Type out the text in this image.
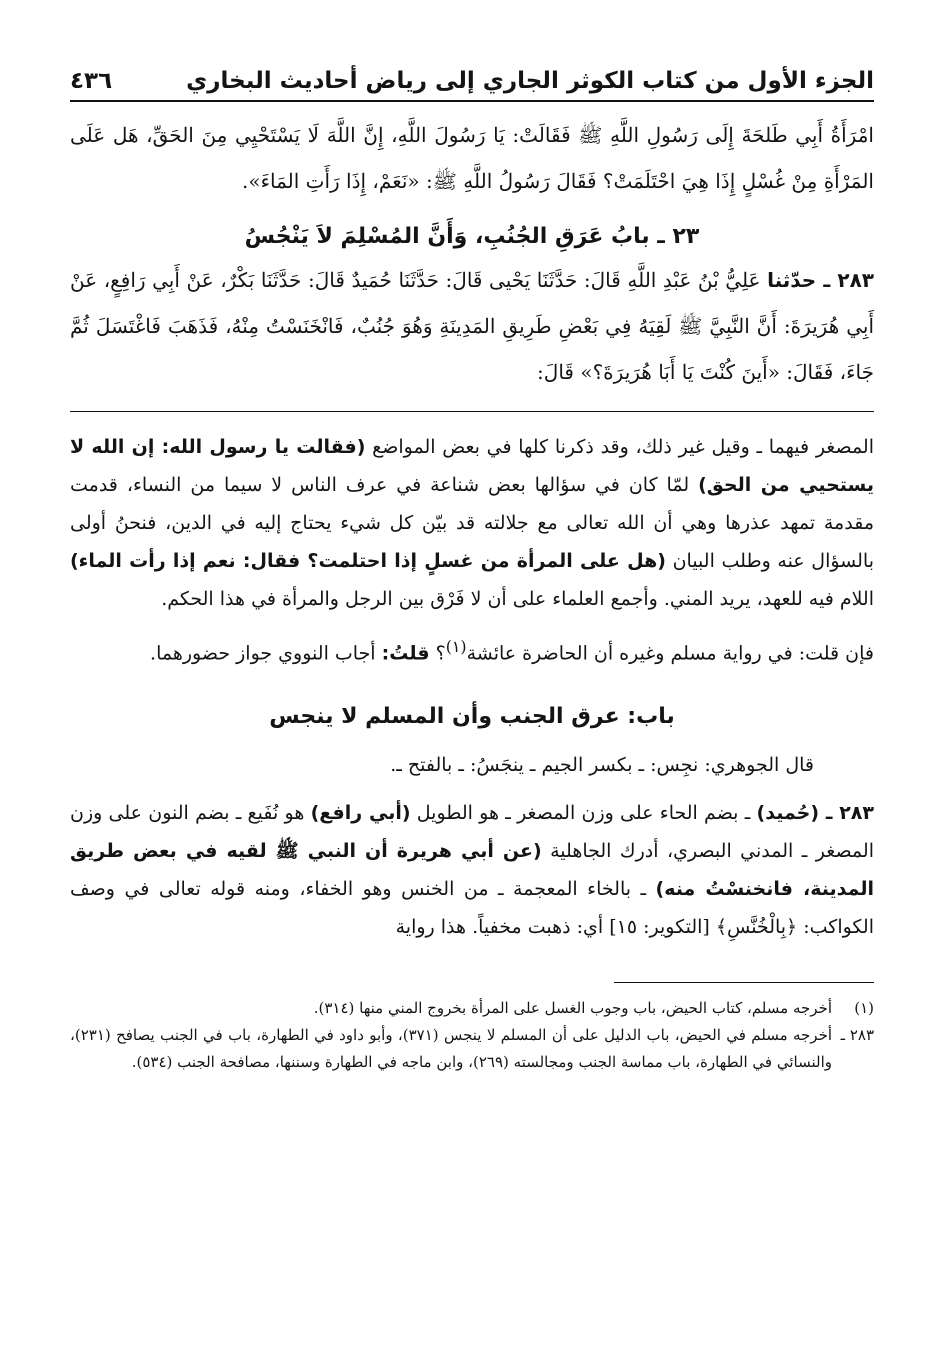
الجزء الأول من كتاب الكوثر الجاري إلى رياض أحاديث البخاري
٤٣٦

امْرَأَةُ أَبِي طَلحَةَ إِلَى رَسُولِ اللَّهِ ﷺ فَقَالَتْ: يَا رَسُولَ اللَّهِ، إِنَّ اللَّهَ لَا يَسْتَحْيِي مِنَ الحَقِّ، هَل عَلَى المَرْأَةِ مِنْ غُسْلٍ إِذَا هِيَ احْتَلَمَتْ؟ فَقَالَ رَسُولُ اللَّهِ ﷺ: «نَعَمْ، إِذَا رَأَتِ المَاءَ».

٢٣ ـ بابُ عَرَقِ الجُنُبِ، وَأَنَّ المُسْلِمَ لاَ يَنْجُسُ

٢٨٣ ـ حدّثنا عَلِيُّ بْنُ عَبْدِ اللَّهِ قَالَ: حَدَّثَنَا يَحْيى قَالَ: حَدَّثَنَا حُمَيدٌ قَالَ: حَدَّثَنَا بَكْرٌ، عَنْ أَبِي رَافِعٍ، عَنْ أَبِي هُرَيرَةَ: أَنَّ النَّبِيَّ ﷺ لَقِيَهُ فِي بَعْضِ طَرِيقِ المَدِينَةِ وَهُوَ جُنُبٌ، فَانْخَنَسْتُ مِنْهُ، فَذَهَبَ فَاغْتَسَلَ ثُمَّ جَاءَ، فَقَالَ: «أَينَ كُنْتَ يَا أَبَا هُرَيرَةَ؟» قَالَ:

المصغر فيهما ـ وقيل غير ذلك، وقد ذكرنا كلها في بعض المواضع (فقالت يا رسول الله: إن الله لا يستحيي من الحق) لمّا كان في سؤالها بعض شناعة في عرف الناس لا سيما من النساء، قدمت مقدمة تمهد عذرها وهي أن الله تعالى مع جلالته قد بيّن كل شيء يحتاج إليه في الدين، فنحنُ أولى بالسؤال عنه وطلب البيان (هل على المرأة من غسلٍ إذا احتلمت؟ فقال: نعم إذا رأت الماء) اللام فيه للعهد، يريد المني. وأجمع العلماء على أن لا فَرْق بين الرجل والمرأة في هذا الحكم.

فإن قلت: في رواية مسلم وغيره أن الحاضرة عائشة$^{(١)}$؟ قلتُ: أجاب النووي جواز حضورهما.

باب: عرق الجنب وأن المسلم لا ينجس

قال الجوهري: نجِس: ـ بكسر الجيم ـ ينجَسُ: ـ بالفتح ـ.

٢٨٣ ـ (حُميد) ـ بضم الحاء على وزن المصغر ـ هو الطويل (أبي رافع) هو نُفَيع ـ بضم النون على وزن المصغر ـ المدني البصري، أدرك الجاهلية (عن أبي هريرة أن النبي ﷺ لقيه في بعض طريق المدينة، فانخنسْتُ منه) ـ بالخاء المعجمة ـ من الخنس وهو الخفاء، ومنه قوله تعالى في وصف الكواكب: ﴿بِالْخُنَّسِ﴾ [التكوير: ١٥] أي: ذهبت مخفياً. هذا رواية

(١)
أخرجه مسلم، كتاب الحيض، باب وجوب الغسل على المرأة بخروج المني منها (٣١٤).
٢٨٣ ـ
أخرجه مسلم في الحيض، باب الدليل على أن المسلم لا ينجس (٣٧١)، وأبو داود في الطهارة، باب في الجنب يصافح (٢٣١)، والنسائي في الطهارة، باب مماسة الجنب ومجالسته (٢٦٩)، وابن ماجه في الطهارة وسننها، مصافحة الجنب (٥٣٤).
